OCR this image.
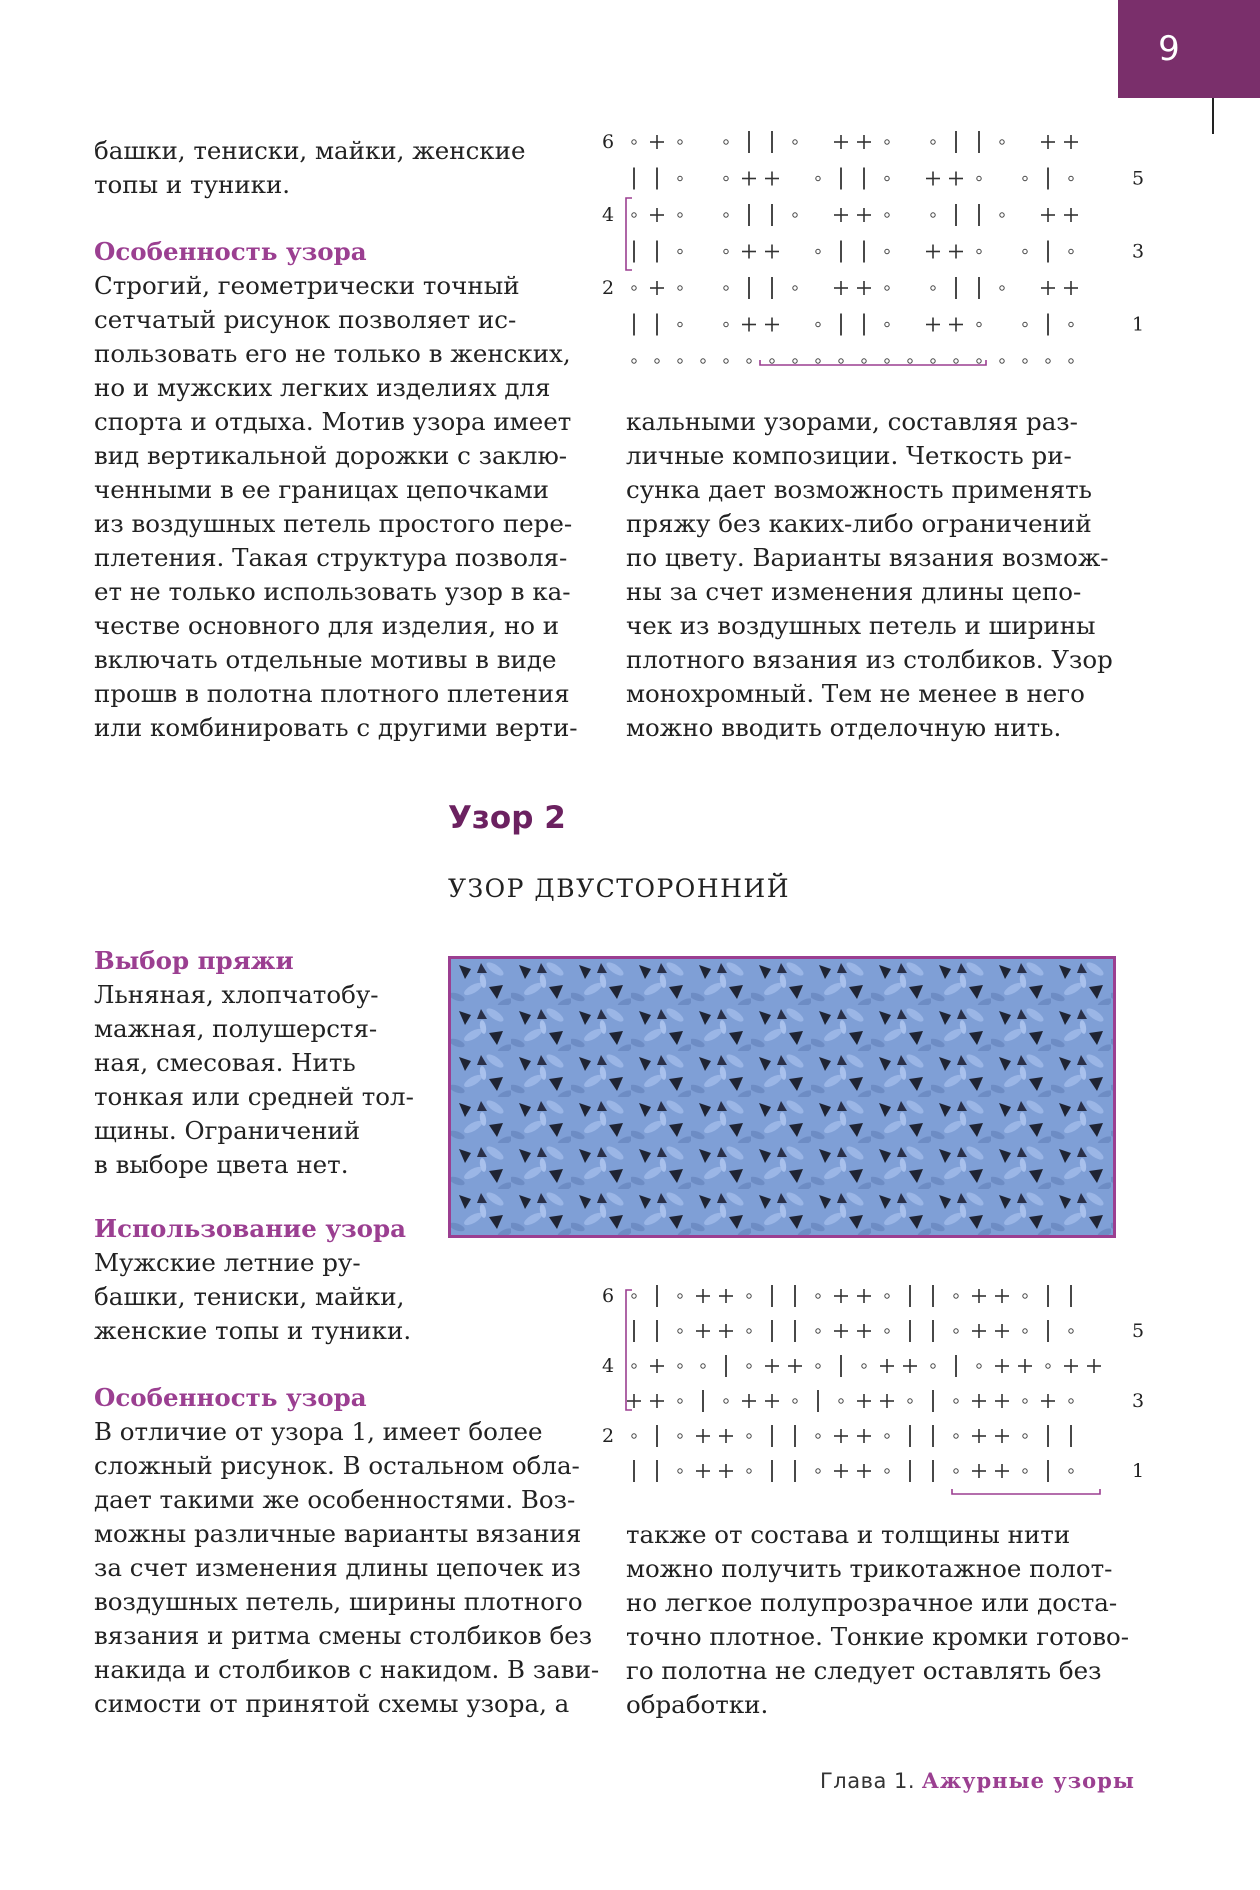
9

башки, тениски, майки, женские
топы и туники.

Особенность узора

Строгий, геометрически точный
сетчатый рисунок позволяет ис-
пользовать его не только в женских,
но и мужских легких изделиях для
спорта и отдыха. Мотив узора имеет
вид вертикальной дорожки с заклю-
ченными в ее границах цепочками
из воздушных петель простого пере-
плетения. Такая структура позволя-
ет не только использовать узор в ка-
честве основного для изделия, но и
включать отдельные мотивы в виде
прошв в полотна плотного плетения
или комбинировать с другими верти-

6
4
2
5
3
1

кальными узорами, составляя раз-
личные композиции. Четкость ри-
сунка дает возможность применять
пряжу без каких-либо ограничений
по цвету. Варианты вязания возмож-
ны за счет изменения длины цепо-
чек из воздушных петель и ширины
плотного вязания из столбиков. Узор
монохромный. Тем не менее в него
можно вводить отделочную нить.

Узор 2
УЗОР ДВУСТОРОННИЙ

Выбор пряжи

Льняная, хлопчатобу-
мажная, полушерстя-
ная, смесовая. Нить
тонкая или средней тол-
щины. Ограничений
в выборе цвета нет.

Использование узора

Мужские летние ру-
башки, тениски, майки,
женские топы и туники.

Особенность узора

В отличие от узора 1, имеет более
сложный рисунок. В остальном обла-
дает такими же особенностями. Воз-
можны различные варианты вязания
за счет изменения длины цепочек из
воздушных петель, ширины плотного
вязания и ритма смены столбиков без
накида и столбиков с накидом. В зави-
симости от принятой схемы узора, а

6
4
2
5
3
1

также от состава и толщины нити
можно получить трикотажное полот-
но легкое полупрозрачное или доста-
точно плотное. Тонкие кромки готово-
го полотна не следует оставлять без
обработки.

Глава 1. Ажурные узоры
